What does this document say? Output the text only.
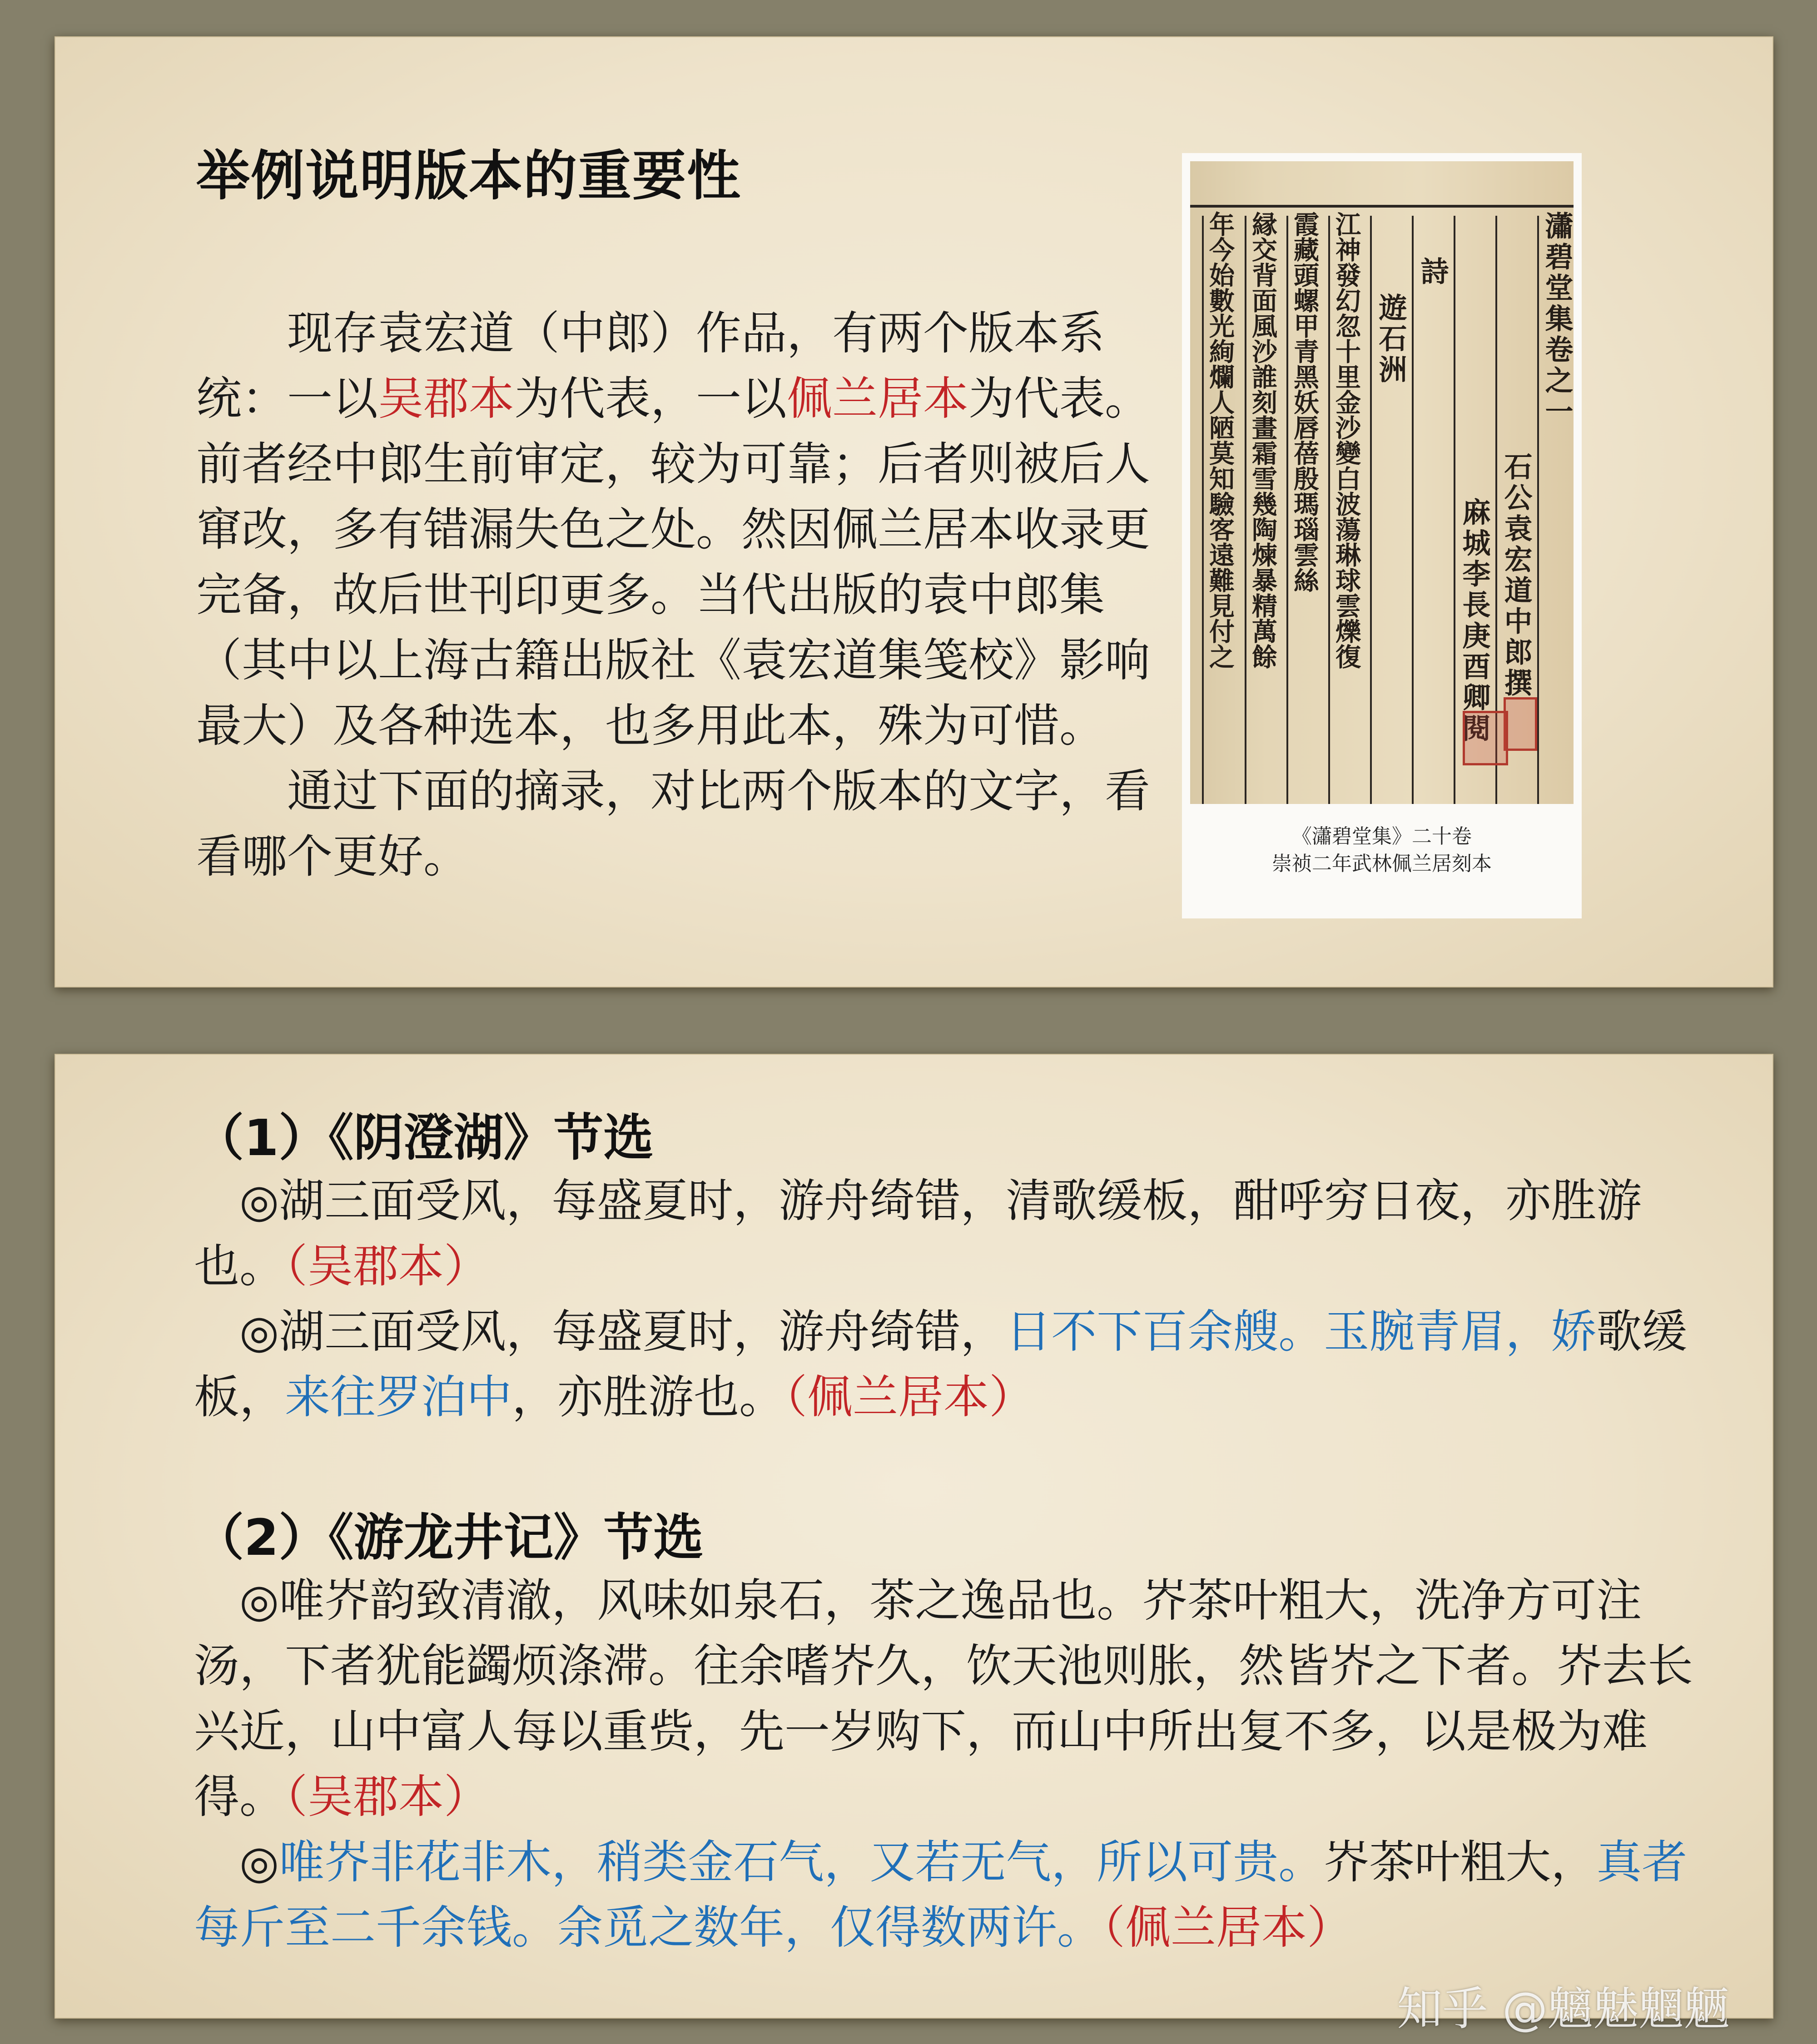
举例说明版本的重要性

现存袁宏道（中郎）作品，有两个版本系统：一以吴郡本为代表，一以佩兰居本为代表。前者经中郎生前审定，较为可靠；后者则被后人窜改，多有错漏失色之处。然因佩兰居本收录更完备，故后世刊印更多。当代出版的袁中郎集（其中以上海古籍出版社《袁宏道集笺校》影响最大）及各种选本，也多用此本，殊为可惜。

通过下面的摘录，对比两个版本的文字，看看哪个更好。

瀟碧堂集卷之一
石公袁宏道中郎撰
麻城李長庚酉卿閱
詩
遊石洲
江神發幻忽十里金沙變白波蕩琳球雲爍復
霞藏頭螺甲青黑妖唇蓓殷瑪瑙雲絲
縁交背面風沙誰刻畫霜雪幾陶煉暴精萬餘
年今始數光絢爛人陋莫知驗客遠難見付之
《瀟碧堂集》二十卷
崇祯二年武林佩兰居刻本
（1）《阴澄湖》节选

◎湖三面受风，每盛夏时，游舟绮错，清歌缓板，酣呼穷日夜，亦胜游也。（吴郡本）

◎湖三面受风，每盛夏时，游舟绮错，日不下百余艘。玉腕青眉，娇歌缓板，来往罗泊中，亦胜游也。（佩兰居本）

（2）《游龙井记》节选

◎唯岕韵致清澈，风味如泉石，茶之逸品也。岕茶叶粗大，洗净方可注汤，下者犹能蠲烦涤滞。往余嗜岕久，饮天池则胀，然皆岕之下者。岕去长兴近，山中富人每以重赀，先一岁购下，而山中所出复不多，以是极为难得。（吴郡本）

◎唯岕非花非木，稍类金石气，又若无气，所以可贵。岕茶叶粗大，真者每斤至二千余钱。余觅之数年，仅得数两许。（佩兰居本）

知乎 @魑魅魍魉
